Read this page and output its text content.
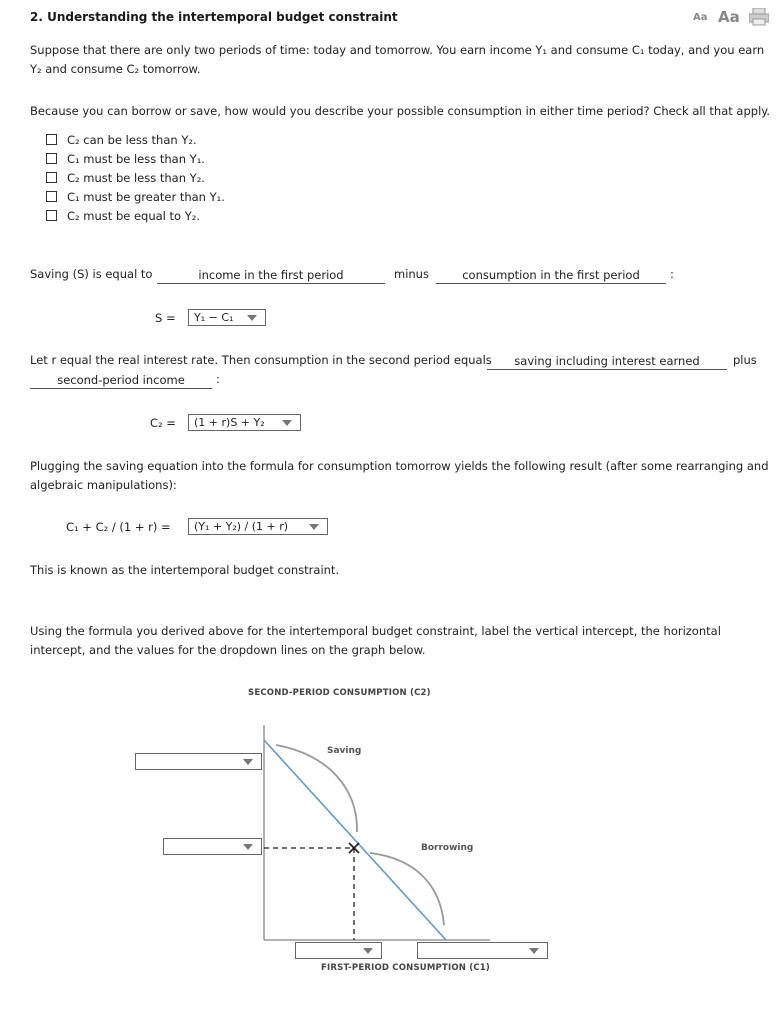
2. Understanding the intertemporal budget constraint	Aa Aa
Suppose that there are only two periods of time: today and tomorrow. You earn income Y₁ and consume C₁ today, and you earn
Y₂ and consume C₂ tomorrow.
Because you can borrow or save, how would you describe your possible consumption in either time period? Check all that apply.
C₂ can be less than Y₂.
C₁ must be less than Y₁.
C₂ must be less than Y₂.
C₁ must be greater than Y₁.
C₂ must be equal to Y₂.
Saving (S) is equal to	income in the first period	minus	consumption in the first period	:
S = Y₁ − C₁
Let r equal the real interest rate. Then consumption in the second period equals	saving including interest earned	plus
second-period income	:
C₂ = (1 + r)S + Y₂
Plugging the saving equation into the formula for consumption tomorrow yields the following result (after some rearranging and
algebraic manipulations):
C₁ + C₂ / (1 + r) = (Y₁ + Y₂) / (1 + r)
This is known as the intertemporal budget constraint.
Using the formula you derived above for the intertemporal budget constraint, label the vertical intercept, the horizontal
intercept, and the values for the dropdown lines on the graph below.
SECOND-PERIOD CONSUMPTION (C2)
FIRST-PERIOD CONSUMPTION (C1)
Saving
Borrowing
